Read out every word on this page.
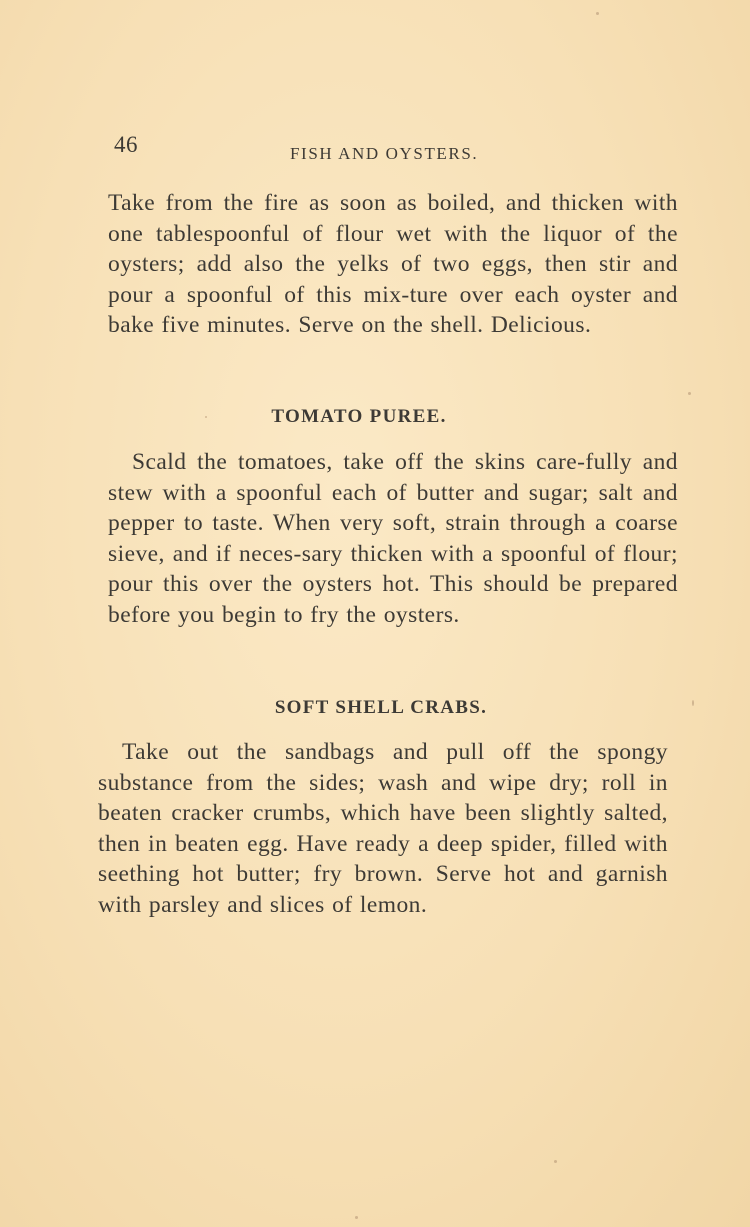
46	FISH AND OYSTERS.

Take from the fire as soon as boiled, and thicken with one tablespoonful of flour wet with the liquor of the oysters; add also the yelks of two eggs, then stir and pour a spoonful of this mix-ture over each oyster and bake five minutes. Serve on the shell. Delicious.

TOMATO PUREE.

Scald the tomatoes, take off the skins care-fully and stew with a spoonful each of butter and sugar; salt and pepper to taste. When very soft, strain through a coarse sieve, and if neces-sary thicken with a spoonful of flour; pour this over the oysters hot. This should be prepared before you begin to fry the oysters.

SOFT SHELL CRABS.

Take out the sandbags and pull off the spongy substance from the sides; wash and wipe dry; roll in beaten cracker crumbs, which have been slightly salted, then in beaten egg. Have ready a deep spider, filled with seething hot butter; fry brown. Serve hot and garnish with parsley and slices of lemon.
